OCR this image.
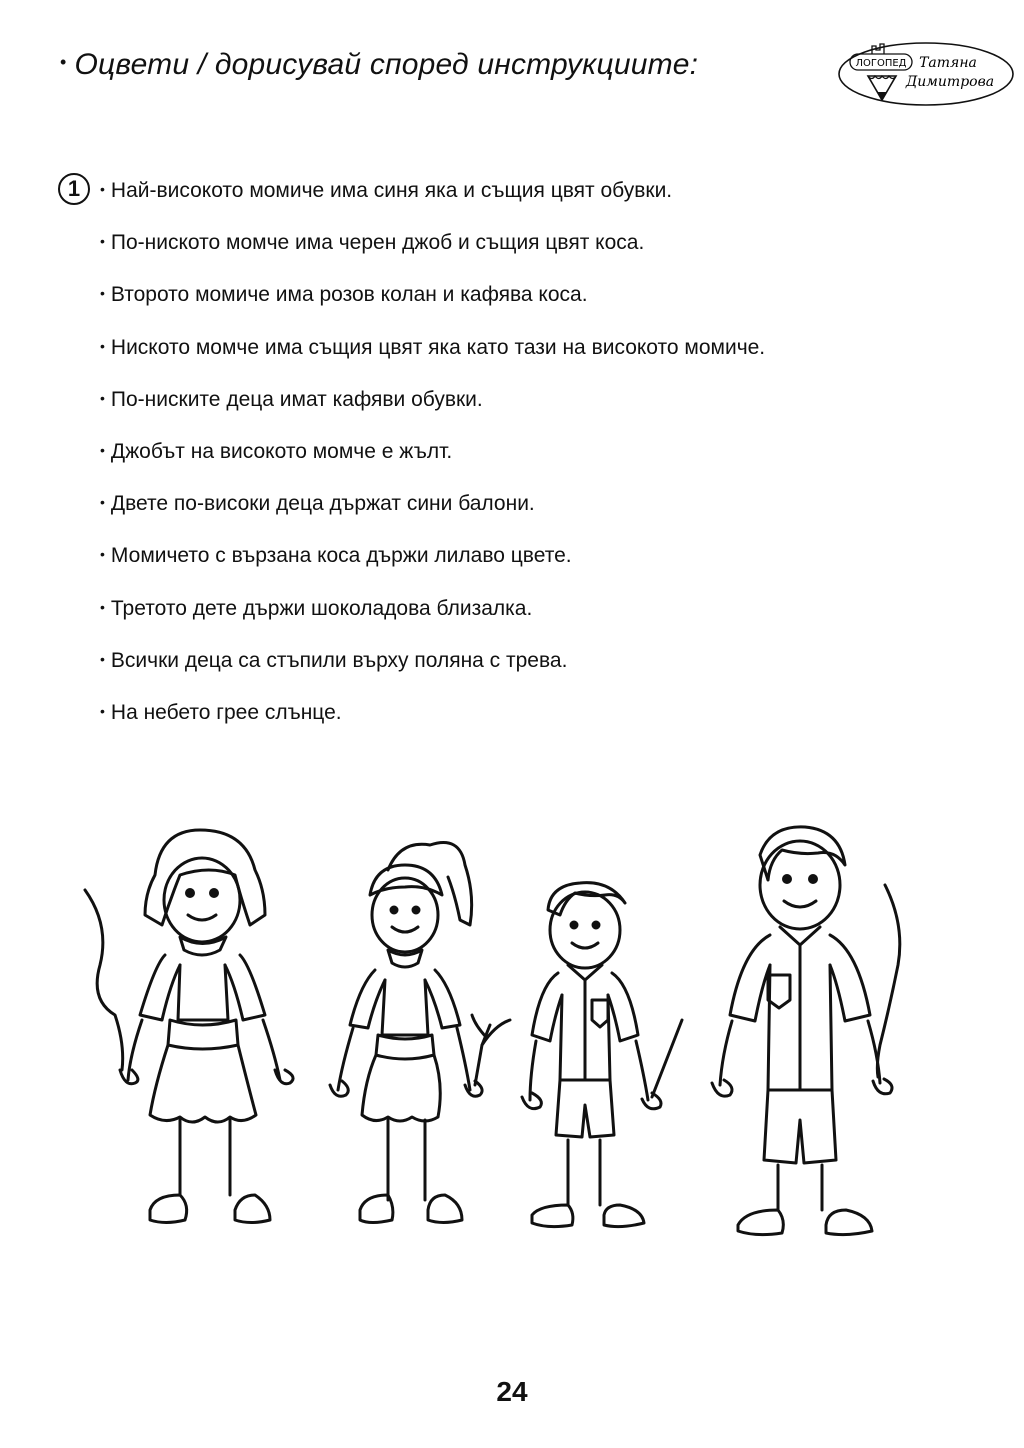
• Оцвети / дорисувай според инструкциите:	ЛОГОПЕД Татяна
Димитрова
1	• Най-високото момиче има синя яка и същия цвят обувки.
• По-ниското момче има черен джоб и същия цвят коса.
• Второто момиче има розов колан и кафява коса.
• Ниското момче има същия цвят яка като тази на високото момиче.
• По-ниските деца имат кафяви обувки.
• Джобът на високото момче е жълт.
• Двете по-високи деца държат сини балони.
• Момичето с вързана коса държи лилаво цвете.
• Третото дете държи шоколадова близалка.
• Всички деца са стъпили върху поляна с трева.
• На небето грее слънце.
24
